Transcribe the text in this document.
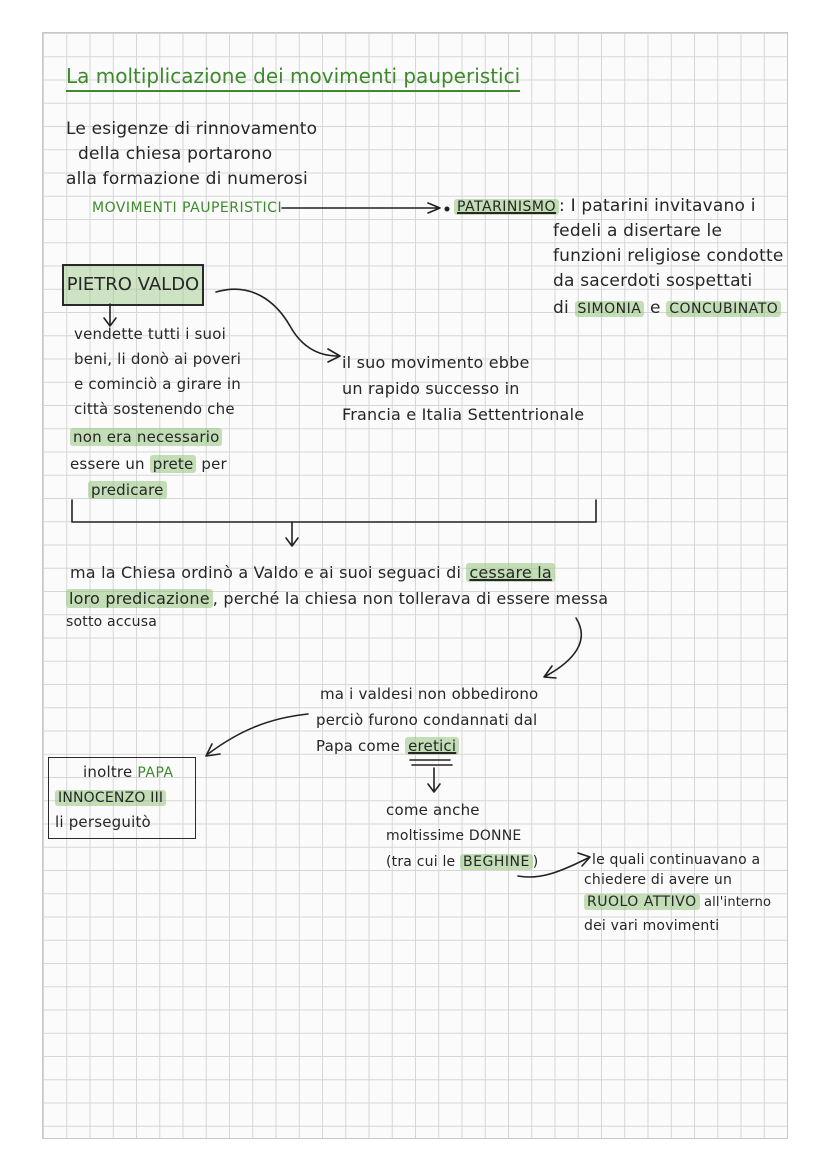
La moltiplicazione dei movimenti pauperistici
Le esigenze di rinnovamento
della chiesa portarono
alla formazione di numerosi
MOVIMENTI PAUPERISTICI	PATARINISMO : I patarini invitavano i
fedeli a disertare le
funzioni religiose condotte
da sacerdoti sospettati
di SIMONIA e CONCUBINATO
PIETRO VALDO
vendette tutti i suoi
beni, li donò ai poveri
e cominciò a girare in
città sostenendo che
non era necessario
essere un prete per
predicare
il suo movimento ebbe
un rapido successo in
Francia e Italia Settentrionale
ma la Chiesa ordinò a Valdo e ai suoi seguaci di cessare la
loro predicazione , perché la chiesa non tollerava di essere messa
sotto accusa
ma i valdesi non obbedirono
perciò furono condannati dal
Papa come eretici
inoltre PAPA
INNOCENZO III
li perseguitò
come anche
moltissime DONNE
(tra cui le BEGHINE )	le quali continuavano a
chiedere di avere un
RUOLO ATTIVO all'interno
dei vari movimenti
